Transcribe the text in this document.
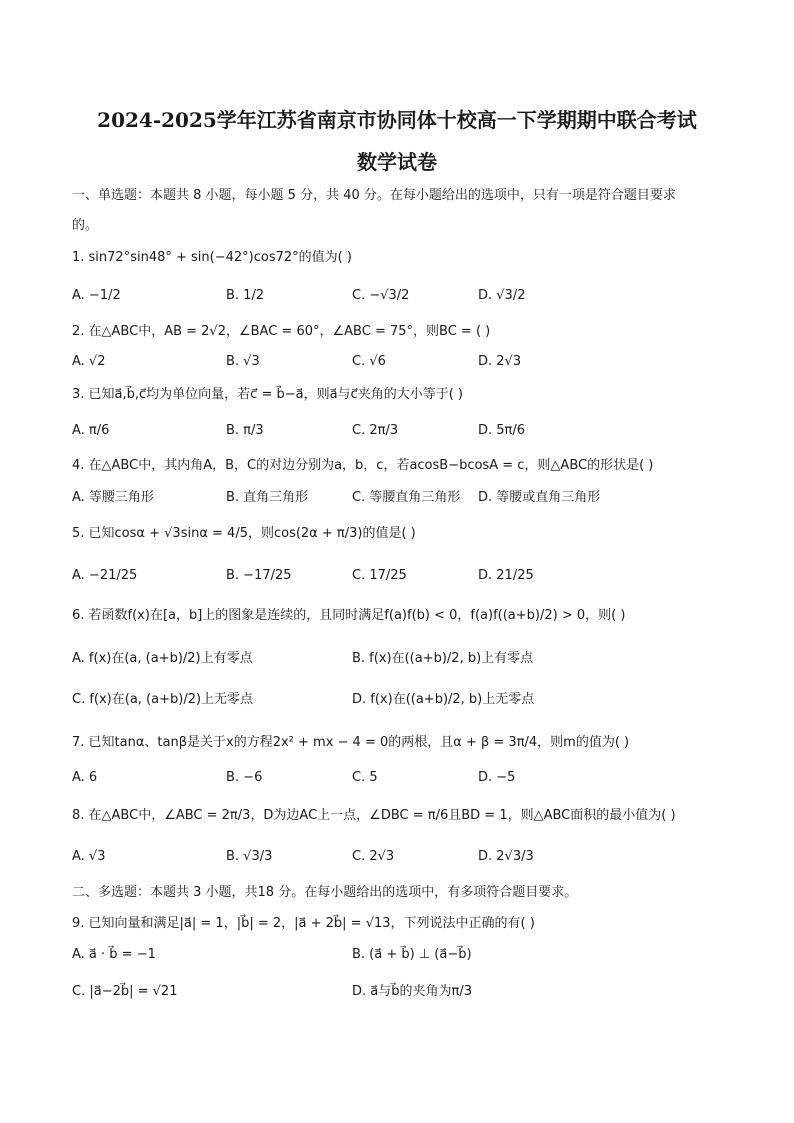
2024-2025学年江苏省南京市协同体十校高一下学期期中联合考试
数学试卷
一、单选题：本题共 8 小题，每小题 5 分，共 40 分。在每小题给出的选项中，只有一项是符合题目要求
的。
1. sin72°sin48° + sin(−42°)cos72°的值为( )
A. −1/2	B. 1/2	C. −√3/2	D. √3/2
2. 在△ABC中，AB = 2√2，∠BAC = 60°，∠ABC = 75°，则BC = ( )
A. √2	B. √3	C. √6	D. 2√3
3. 已知a⃗,b⃗,c⃗均为单位向量，若c⃗ = b⃗−a⃗，则a⃗与c⃗夹角的大小等于( )
A. π/6	B. π/3	C. 2π/3	D. 5π/6
4. 在△ABC中，其内角A，B，C的对边分别为a，b，c，若acosB−bcosA = c，则△ABC的形状是( )
A. 等腰三角形	B. 直角三角形	C. 等腰直角三角形 D. 等腰或直角三角形
5. 已知cosα + √3sinα = 4/5，则cos(2α + π/3)的值是( )
A. −21/25	B. −17/25	C. 17/25	D. 21/25
6. 若函数f(x)在[a，b]上的图象是连续的，且同时满足f(a)f(b) < 0，f(a)f((a+b)/2) > 0，则( )
A. f(x)在(a, (a+b)/2)上有零点	B. f(x)在((a+b)/2, b)上有零点
C. f(x)在(a, (a+b)/2)上无零点	D. f(x)在((a+b)/2, b)上无零点
7. 已知tanα、tanβ是关于x的方程2x² + mx − 4 = 0的两根，且α + β = 3π/4，则m的值为( )
A. 6	B. −6	C. 5	D. −5
8. 在△ABC中，∠ABC = 2π/3，D为边AC上一点，∠DBC = π/6且BD = 1，则△ABC面积的最小值为( )
A. √3	B. √3/3	C. 2√3	D. 2√3/3
二、多选题：本题共 3 小题，共18 分。在每小题给出的选项中，有多项符合题目要求。
9. 已知向量和满足|a⃗| = 1，|b⃗| = 2，|a⃗ + 2b⃗| = √13，下列说法中正确的有( )
A. a⃗ · b⃗ = −1	B. (a⃗ + b⃗) ⊥ (a⃗−b⃗)
C. |a⃗−2b⃗| = √21	D. a⃗与b⃗的夹角为π/3
